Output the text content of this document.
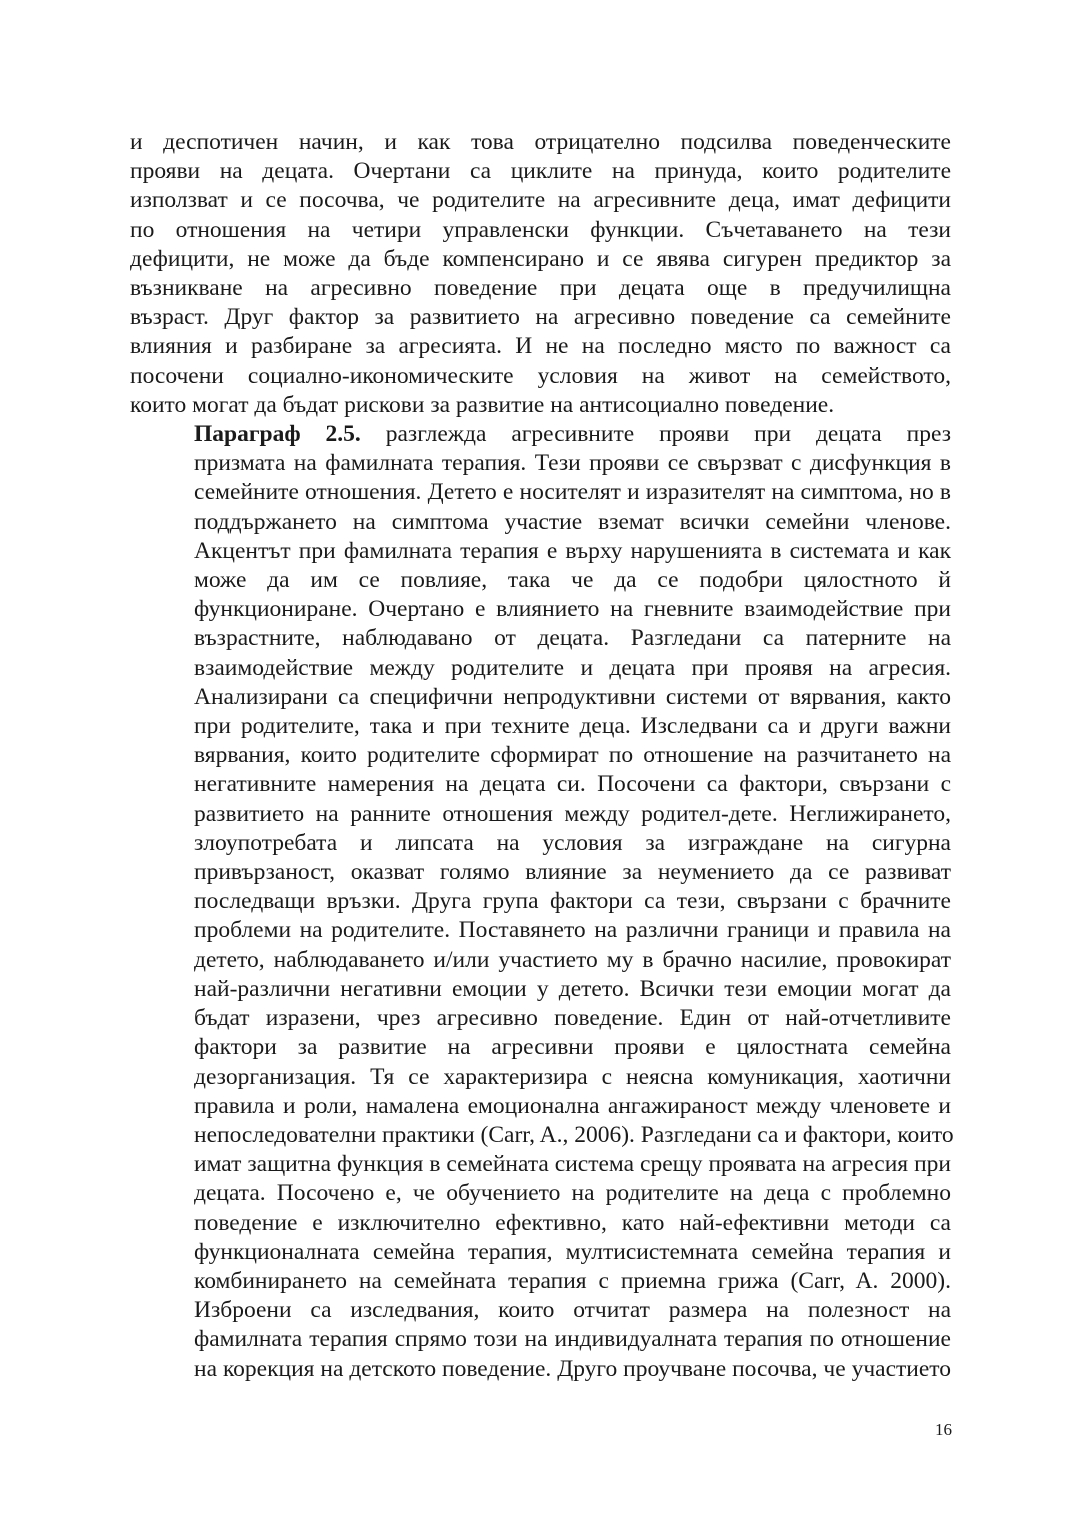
и деспотичен начин, и как това отрицателно подсилва поведенческите
прояви на децата. Очертани са циклите на принуда, които родителите
използват и се посочва, че родителите на агресивните деца, имат дефицити
по отношения на четири управленски функции. Съчетаването на тези
дефицити, не може да бъде компенсирано и се явява сигурен предиктор за
възникване на агресивно поведение при децата още в предучилищна
възраст. Друг фактор за развитието на агресивно поведение са семейните
влияния и разбиране за агресията. И не на последно място по важност са
посочени социално-икономическите условия на живот на семейството,
които могат да бъдат рискови за развитие на антисоциално поведение.
Параграф 2.5. разглежда агресивните прояви при децата през
призмата на фамилната терапия. Тези прояви се свързват с дисфункция в
семейните отношения. Детето е носителят и изразителят на симптома, но в
поддържането на симптома участие вземат всички семейни членове.
Акцентът при фамилната терапия е върху нарушенията в системата и как
може да им се повлияе, така че да се подобри цялостното й
функциониране. Очертано е влиянието на гневните взаимодействие при
възрастните, наблюдавано от децата. Разгледани са патерните на
взаимодействие между родителите и децата при проявя на агресия.
Анализирани са специфични непродуктивни системи от вярвания, както
при родителите, така и при техните деца. Изследвани са и други важни
вярвания, които родителите сформират по отношение на разчитането на
негативните намерения на децата си. Посочени са фактори, свързани с
развитието на ранните отношения между родител-дете. Неглижирането,
злоупотребата и липсата на условия за изграждане на сигурна
привързаност, оказват голямо влияние за неумението да се развиват
последващи връзки. Друга група фактори са тези, свързани с брачните
проблеми на родителите. Поставянето на различни граници и правила на
детето, наблюдаването и/или участието му в брачно насилие, провокират
най-различни негативни емоции у детето. Всички тези емоции могат да
бъдат изразени, чрез агресивно поведение. Един от най-отчетливите
фактори за развитие на агресивни прояви е цялостната семейна
дезорганизация. Тя се характеризира с неясна комуникация, хаотични
правила и роли, намалена емоционална ангажираност между членовете и
непоследователни практики (Carr, A., 2006). Разгледани са и фактори, които
имат защитна функция в семейната система срещу проявата на агресия при
децата. Посочено е, че обучението на родителите на деца с проблемно
поведение е изключително ефективно, като най-ефективни методи са
функционалната семейна терапия, мултисистемната семейна терапия и
комбинирането на семейната терапия с приемна грижа (Carr, A. 2000).
Изброени са изследвания, които отчитат размера на полезност на
фамилната терапия спрямо този на индивидуалната терапия по отношение
на корекция на детското поведение. Друго проучване посочва, че участието
16
